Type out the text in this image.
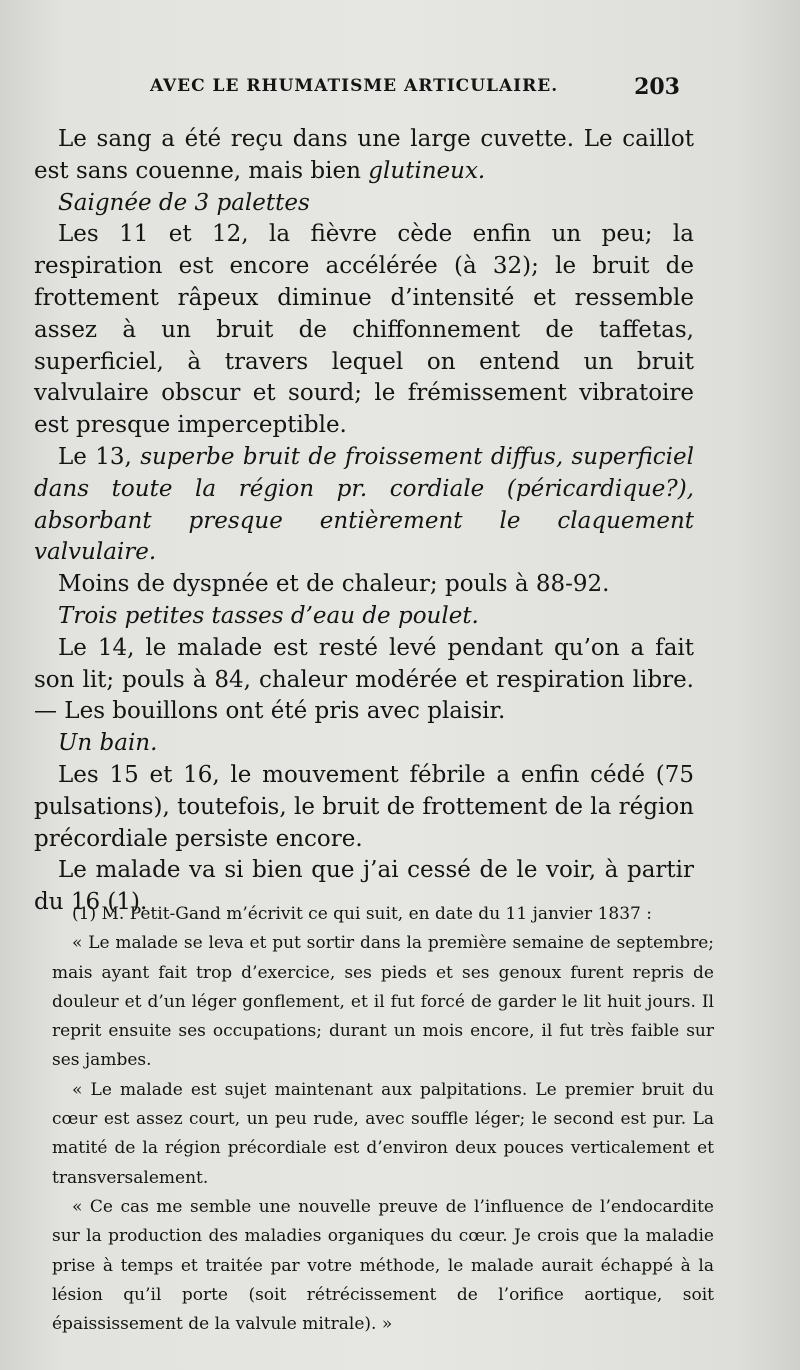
AVEC LE RHUMATISME ARTICULAIRE.	203

Le sang a été reçu dans une large cuvette. Le caillot est sans couenne, mais bien glutineux.

Saignée de 3 palettes

Les 11 et 12, la fièvre cède enfin un peu; la respiration est encore accélérée (à 32); le bruit de frottement râpeux diminue d’intensité et ressemble assez à un bruit de chiffonnement de taffetas, superficiel, à travers lequel on entend un bruit valvulaire obscur et sourd; le frémissement vibratoire est presque imperceptible.

Le 13, superbe bruit de froissement diffus, superficiel dans toute la région pr. cordiale (péricardique?), absorbant presque entièrement le claquement valvulaire.

Moins de dyspnée et de chaleur; pouls à 88-92.

Trois petites tasses d’eau de poulet.

Le 14, le malade est resté levé pendant qu’on a fait son lit; pouls à 84, chaleur modérée et respiration libre. — Les bouillons ont été pris avec plaisir.

Un bain.

Les 15 et 16, le mouvement fébrile a enfin cédé (75 pulsations), toutefois, le bruit de frottement de la région précordiale persiste encore.

Le malade va si bien que j’ai cessé de le voir, à partir du 16 (1).

(1) M. Petit-Gand m’écrivit ce qui suit, en date du 11 janvier 1837 :

« Le malade se leva et put sortir dans la première semaine de septembre; mais ayant fait trop d’exercice, ses pieds et ses genoux furent repris de douleur et d’un léger gonflement, et il fut forcé de garder le lit huit jours. Il reprit ensuite ses occupations; durant un mois encore, il fut très faible sur ses jambes.

« Le malade est sujet maintenant aux palpitations. Le premier bruit du cœur est assez court, un peu rude, avec souffle léger; le second est pur. La matité de la région précordiale est d’environ deux pouces verticalement et transversalement.

« Ce cas me semble une nouvelle preuve de l’influence de l’endocardite sur la production des maladies organiques du cœur. Je crois que la maladie prise à temps et traitée par votre méthode, le malade aurait échappé à la lésion qu’il porte (soit rétrécissement de l’orifice aortique, soit épaississement de la valvule mitrale). »
